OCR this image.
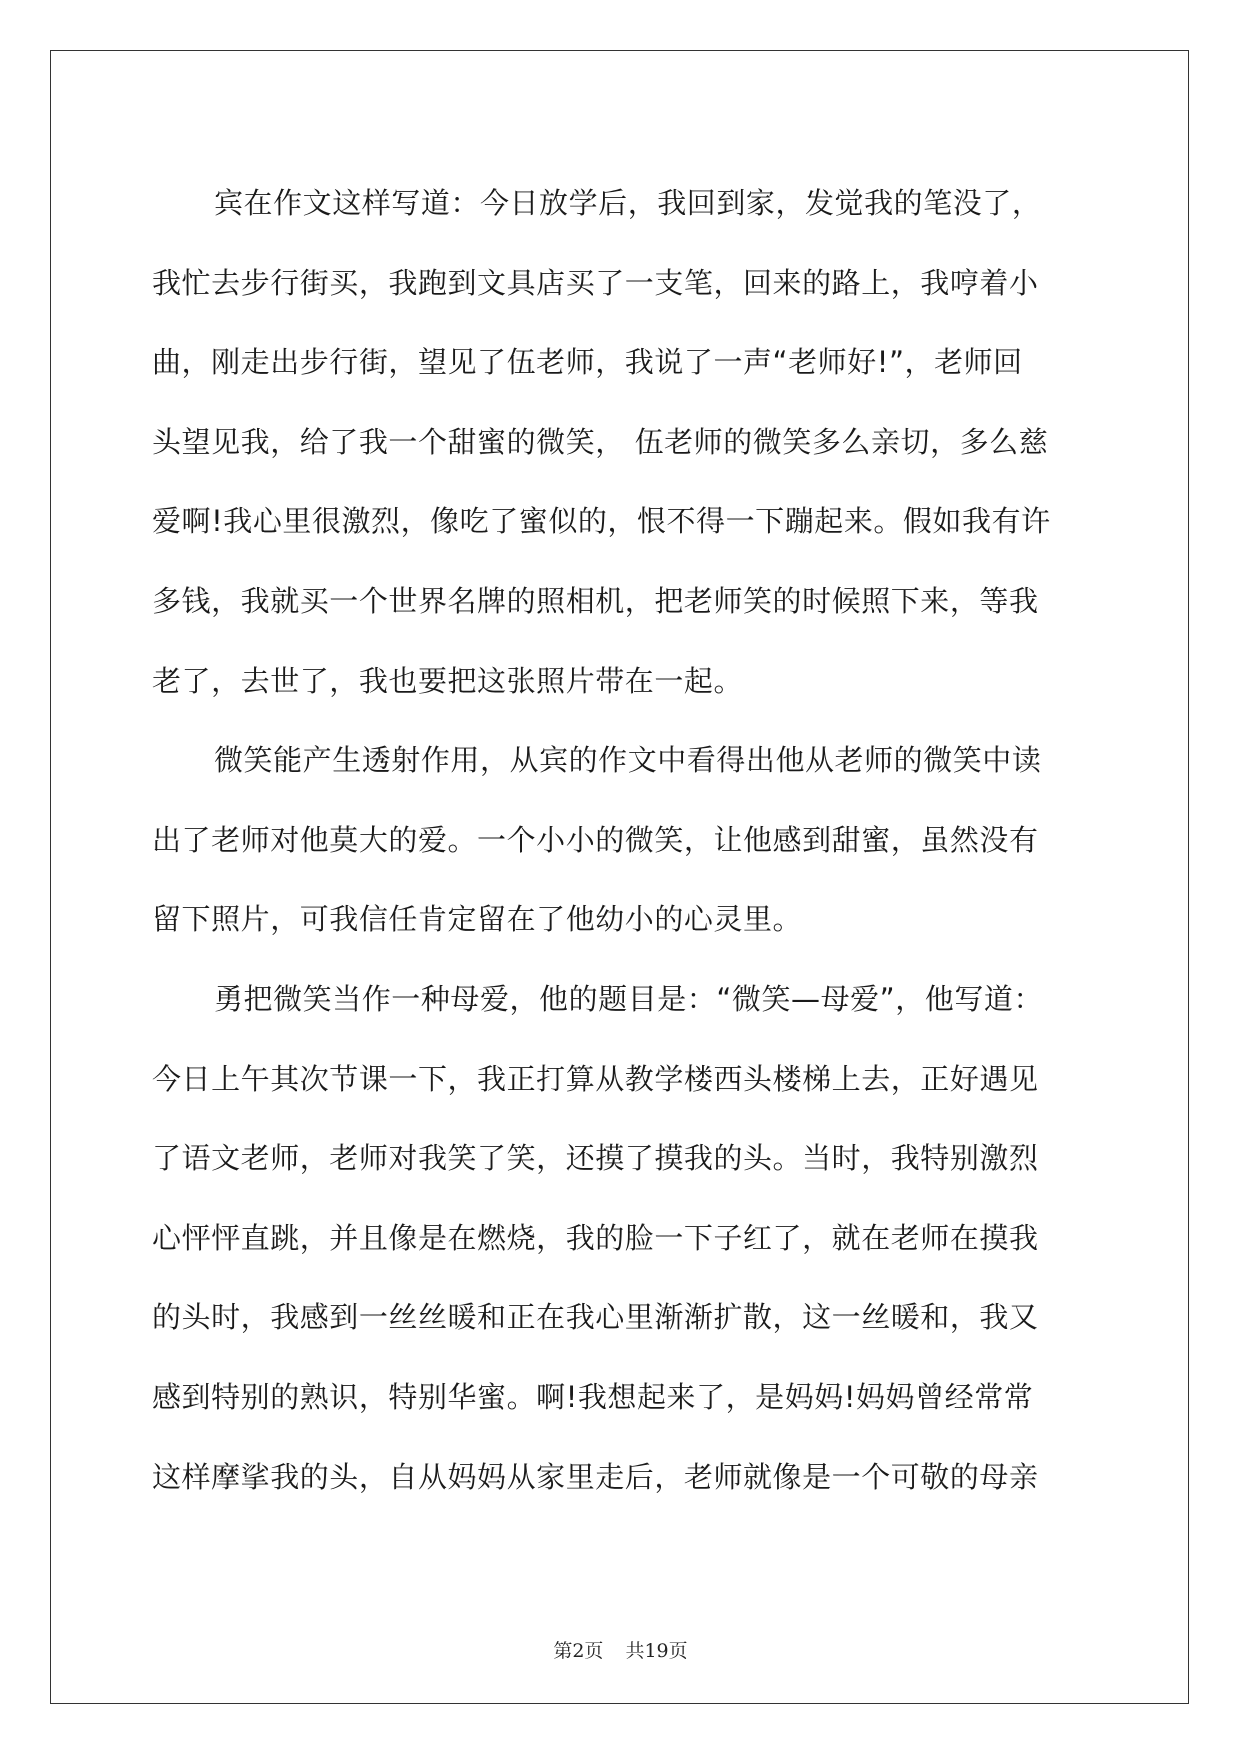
宾在作文这样写道：今日放学后，我回到家，发觉我的笔没了，
我忙去步行街买，我跑到文具店买了一支笔，回来的路上，我哼着小
曲，刚走出步行街，望见了伍老师，我说了一声“老师好!”，老师回
头望见我，给了我一个甜蜜的微笑， 伍老师的微笑多么亲切，多么慈
爱啊!我心里很激烈，像吃了蜜似的，恨不得一下蹦起来。假如我有许
多钱，我就买一个世界名牌的照相机，把老师笑的时候照下来，等我
老了，去世了，我也要把这张照片带在一起。
微笑能产生透射作用，从宾的作文中看得出他从老师的微笑中读
出了老师对他莫大的爱。一个小小的微笑，让他感到甜蜜，虽然没有
留下照片，可我信任肯定留在了他幼小的心灵里。
勇把微笑当作一种母爱，他的题目是：“微笑—母爱”，他写道：
今日上午其次节课一下，我正打算从教学楼西头楼梯上去，正好遇见
了语文老师，老师对我笑了笑，还摸了摸我的头。当时，我特别激烈
心怦怦直跳，并且像是在燃烧，我的脸一下子红了，就在老师在摸我
的头时，我感到一丝丝暖和正在我心里渐渐扩散，这一丝暖和，我又
感到特别的熟识，特别华蜜。啊!我想起来了，是妈妈!妈妈曾经常常
这样摩挲我的头，自从妈妈从家里走后，老师就像是一个可敬的母亲
第2页 共19页
